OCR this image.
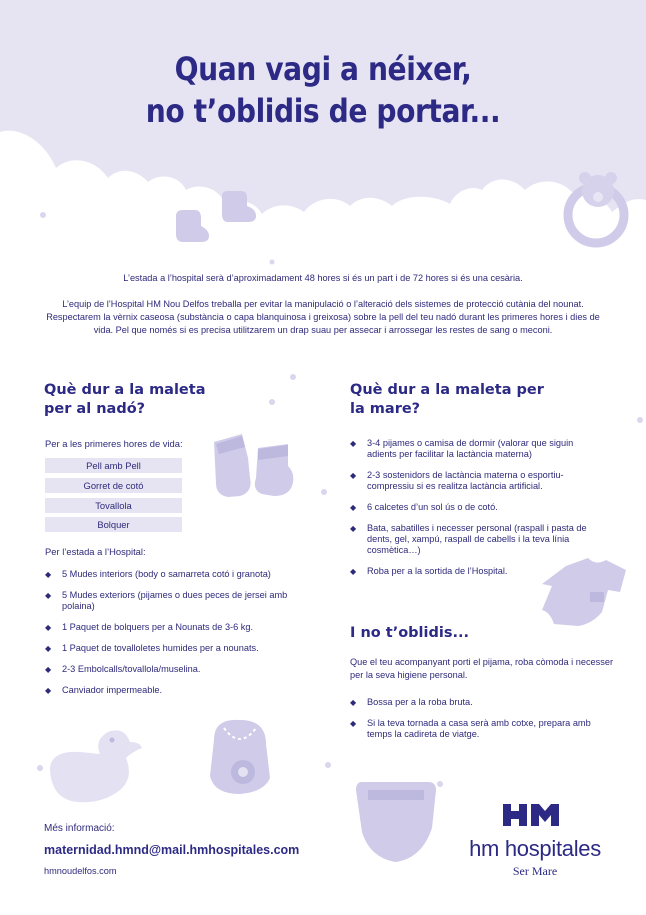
Quan vagi a néixer,
no t’oblidis de portar...
L’estada a l’hospital serà d’aproximadament 48 hores si és un part i de 72 hores si és una cesària.
L’equip de l’Hospital HM Nou Delfos treballa per evitar la manipulació o l’alteració dels sistemes de protecció cutània del nounat. Respectarem la vèrnix caseosa (substància o capa blanquinosa i greixosa) sobre la pell del teu nadó durant les primeres hores i dies de vida. Pel que només si es precisa utilitzarem un drap suau per assecar i arrossegar les restes de sang o meconi.
Què dur a la maleta
per al nadó?
Per a les primeres hores de vida:
Pell amb Pell
Gorret de cotó
Tovallola
Bolquer
Per l’estada a l’Hospital:
◆ 5 Mudes interiors (body o samarreta cotó i granota)
◆ 5 Mudes exteriors (pijames o dues peces de jersei amb polaina)
◆ 1 Paquet de bolquers per a Nounats de 3-6 kg.
◆ 1 Paquet de tovalloletes humides per a nounats.
◆ 2-3 Embolcalls/tovallola/muselina.
◆ Canviador impermeable.
Què dur a la maleta per
la mare?
◆ 3-4 pijames o camisa de dormir (valorar que siguin adients per facilitar la lactància materna)
◆ 2-3 sostenidors de lactància materna o esportiu-compressiu si es realitza lactància artificial.
◆ 6 calcetes d’un sol ús o de cotó.
◆ Bata, sabatilles i necesser personal (raspall i pasta de dents, gel, xampú, raspall de cabells i la teva línia cosmètica…)
◆ Roba per a la sortida de l’Hospital.
I no t’oblidis...
Que el teu acompanyant porti el pijama, roba còmoda i necesser per la seva higiene personal.
◆ Bossa per a la roba bruta.
◆ Si la teva tornada a casa serà amb cotxe, prepara amb temps la cadireta de viatge.
Més informació:
maternidad.hmnd@mail.hmhospitales.com
hmnoudelfos.com
hm hospitales
Ser Mare
